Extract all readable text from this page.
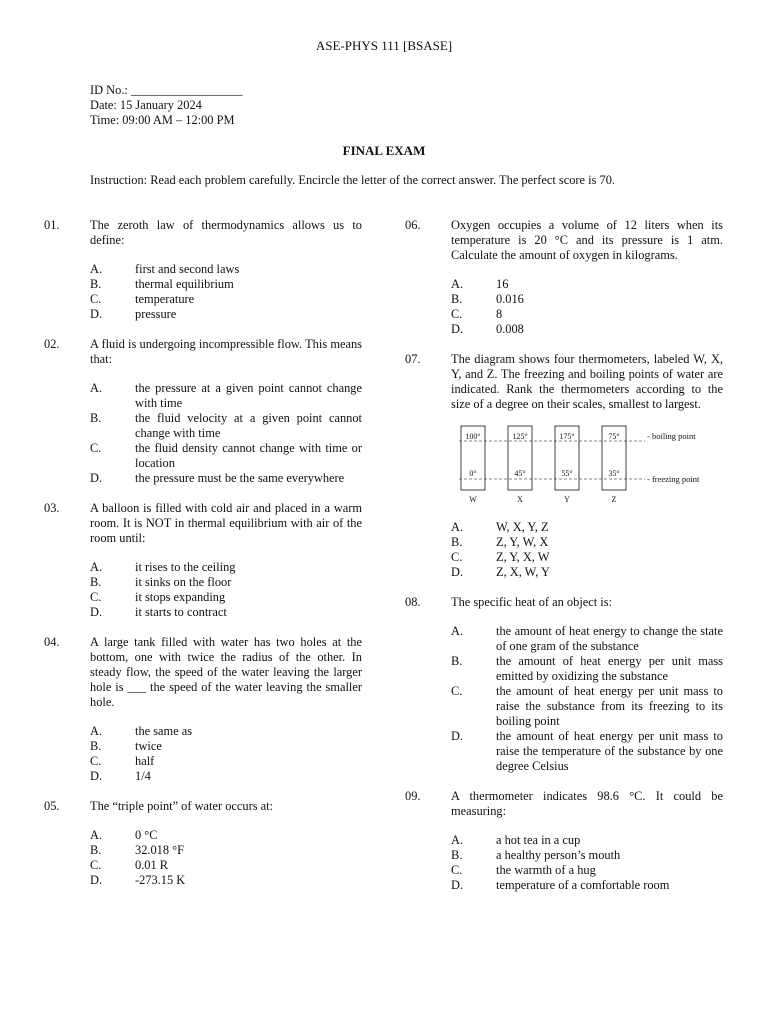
ASE-PHYS 111 [BSASE]
ID No.: __________________
Date: 15 January 2024
Time: 09:00 AM – 12:00 PM
FINAL EXAM
Instruction: Read each problem carefully. Encircle the letter of the correct answer. The perfect score is 70.
01. The zeroth law of thermodynamics allows us to define:
A.	first and second laws
B.	thermal equilibrium
C.	temperature
D.	pressure
02. A fluid is undergoing incompressible flow. This means that:
A.	the pressure at a given point cannot change with time
B.	the fluid velocity at a given point cannot change with time
C.	the fluid density cannot change with time or location
D.	the pressure must be the same everywhere
03. A balloon is filled with cold air and placed in a warm room. It is NOT in thermal equilibrium with air of the room until:
A.	it rises to the ceiling
B.	it sinks on the floor
C.	it stops expanding
D.	it starts to contract
04. A large tank filled with water has two holes at the bottom, one with twice the radius of the other. In steady flow, the speed of the water leaving the larger hole is ___ the speed of the water leaving the smaller hole.
A.	the same as
B.	twice
C.	half
D.	1/4
05. The “triple point” of water occurs at:
A.	0 °C
B.	32.018 °F
C.	0.01 R
D.	-273.15 K
06. Oxygen occupies a volume of 12 liters when its temperature is 20 °C and its pressure is 1 atm. Calculate the amount of oxygen in kilograms.
A.	16
B.	0.016
C.	8
D.	0.008
07. The diagram shows four thermometers, labeled W, X, Y, and Z. The freezing and boiling points of water are indicated. Rank the thermometers according to the size of a degree on their scales, smallest to largest.
100°
0°
W
125°
45°
X
175°
55°
Y
75°
35°
Z
- boiling point
- freezing point
A.	W, X, Y, Z
B.	Z, Y, W, X
C.	Z, Y, X, W
D.	Z, X, W, Y
08. The specific heat of an object is:
A.	the amount of heat energy to change the state of one gram of the substance
B.	the amount of heat energy per unit mass emitted by oxidizing the substance
C.	the amount of heat energy per unit mass to raise the substance from its freezing to its boiling point
D.	the amount of heat energy per unit mass to raise the temperature of the substance by one degree Celsius
09. A thermometer indicates 98.6 °C. It could be measuring:
A.	a hot tea in a cup
B.	a healthy person’s mouth
C.	the warmth of a hug
D.	temperature of a comfortable room
